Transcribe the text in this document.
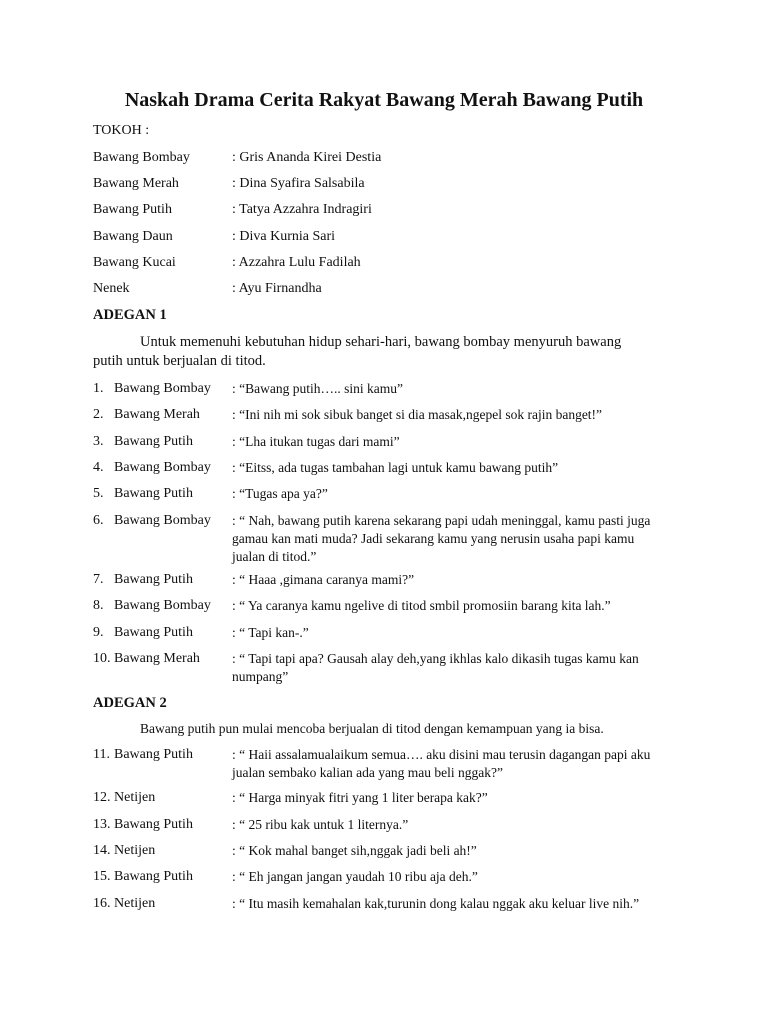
Naskah Drama Cerita Rakyat Bawang Merah Bawang Putih
TOKOH :
Bawang Bombay	: Gris Ananda Kirei Destia
Bawang Merah	: Dina Syafira Salsabila
Bawang Putih	: Tatya Azzahra Indragiri
Bawang Daun	: Diva Kurnia Sari
Bawang Kucai	: Azzahra Lulu Fadilah
Nenek	: Ayu Firnandha
ADEGAN 1
Untuk memenuhi kebutuhan hidup sehari-hari, bawang bombay menyuruh bawang
putih untuk berjualan di titod.
1. Bawang Bombay : “Bawang putih….. sini kamu”
2. Bawang Merah : “Ini nih mi sok sibuk banget si dia masak,ngepel sok rajin banget!”
3. Bawang Putih	: “Lha itukan tugas dari mami”
4. Bawang Bombay : “Eitss, ada tugas tambahan lagi untuk kamu bawang putih”
5. Bawang Putih	: “Tugas apa ya?”
6. Bawang Bombay : “ Nah, bawang putih karena sekarang papi udah meninggal, kamu pasti juga gamau kan mati muda? Jadi sekarang kamu yang nerusin usaha papi kamu jualan di titod.”
7. Bawang Putih	: “ Haaa ,gimana caranya mami?”
8. Bawang Bombay : “ Ya caranya kamu ngelive di titod smbil promosiin barang kita lah.”
9. Bawang Putih	: “ Tapi kan-.”
10. Bawang Merah : “ Tapi tapi apa? Gausah alay deh,yang ikhlas kalo dikasih tugas kamu kan numpang”
ADEGAN 2
Bawang putih pun mulai mencoba berjualan di titod dengan kemampuan yang ia bisa.
11. Bawang Putih	: “ Haii assalamualaikum semua…. aku disini mau terusin dagangan papi aku jualan sembako kalian ada yang mau beli nggak?”
12. Netijen	: “ Harga minyak fitri yang 1 liter berapa kak?”
13. Bawang Putih	: “ 25 ribu kak untuk 1 liternya.”
14. Netijen	: “ Kok mahal banget sih,nggak jadi beli ah!”
15. Bawang Putih	: “ Eh jangan jangan yaudah 10 ribu aja deh.”
16. Netijen	: “ Itu masih kemahalan kak,turunin dong kalau nggak aku keluar live nih.”
